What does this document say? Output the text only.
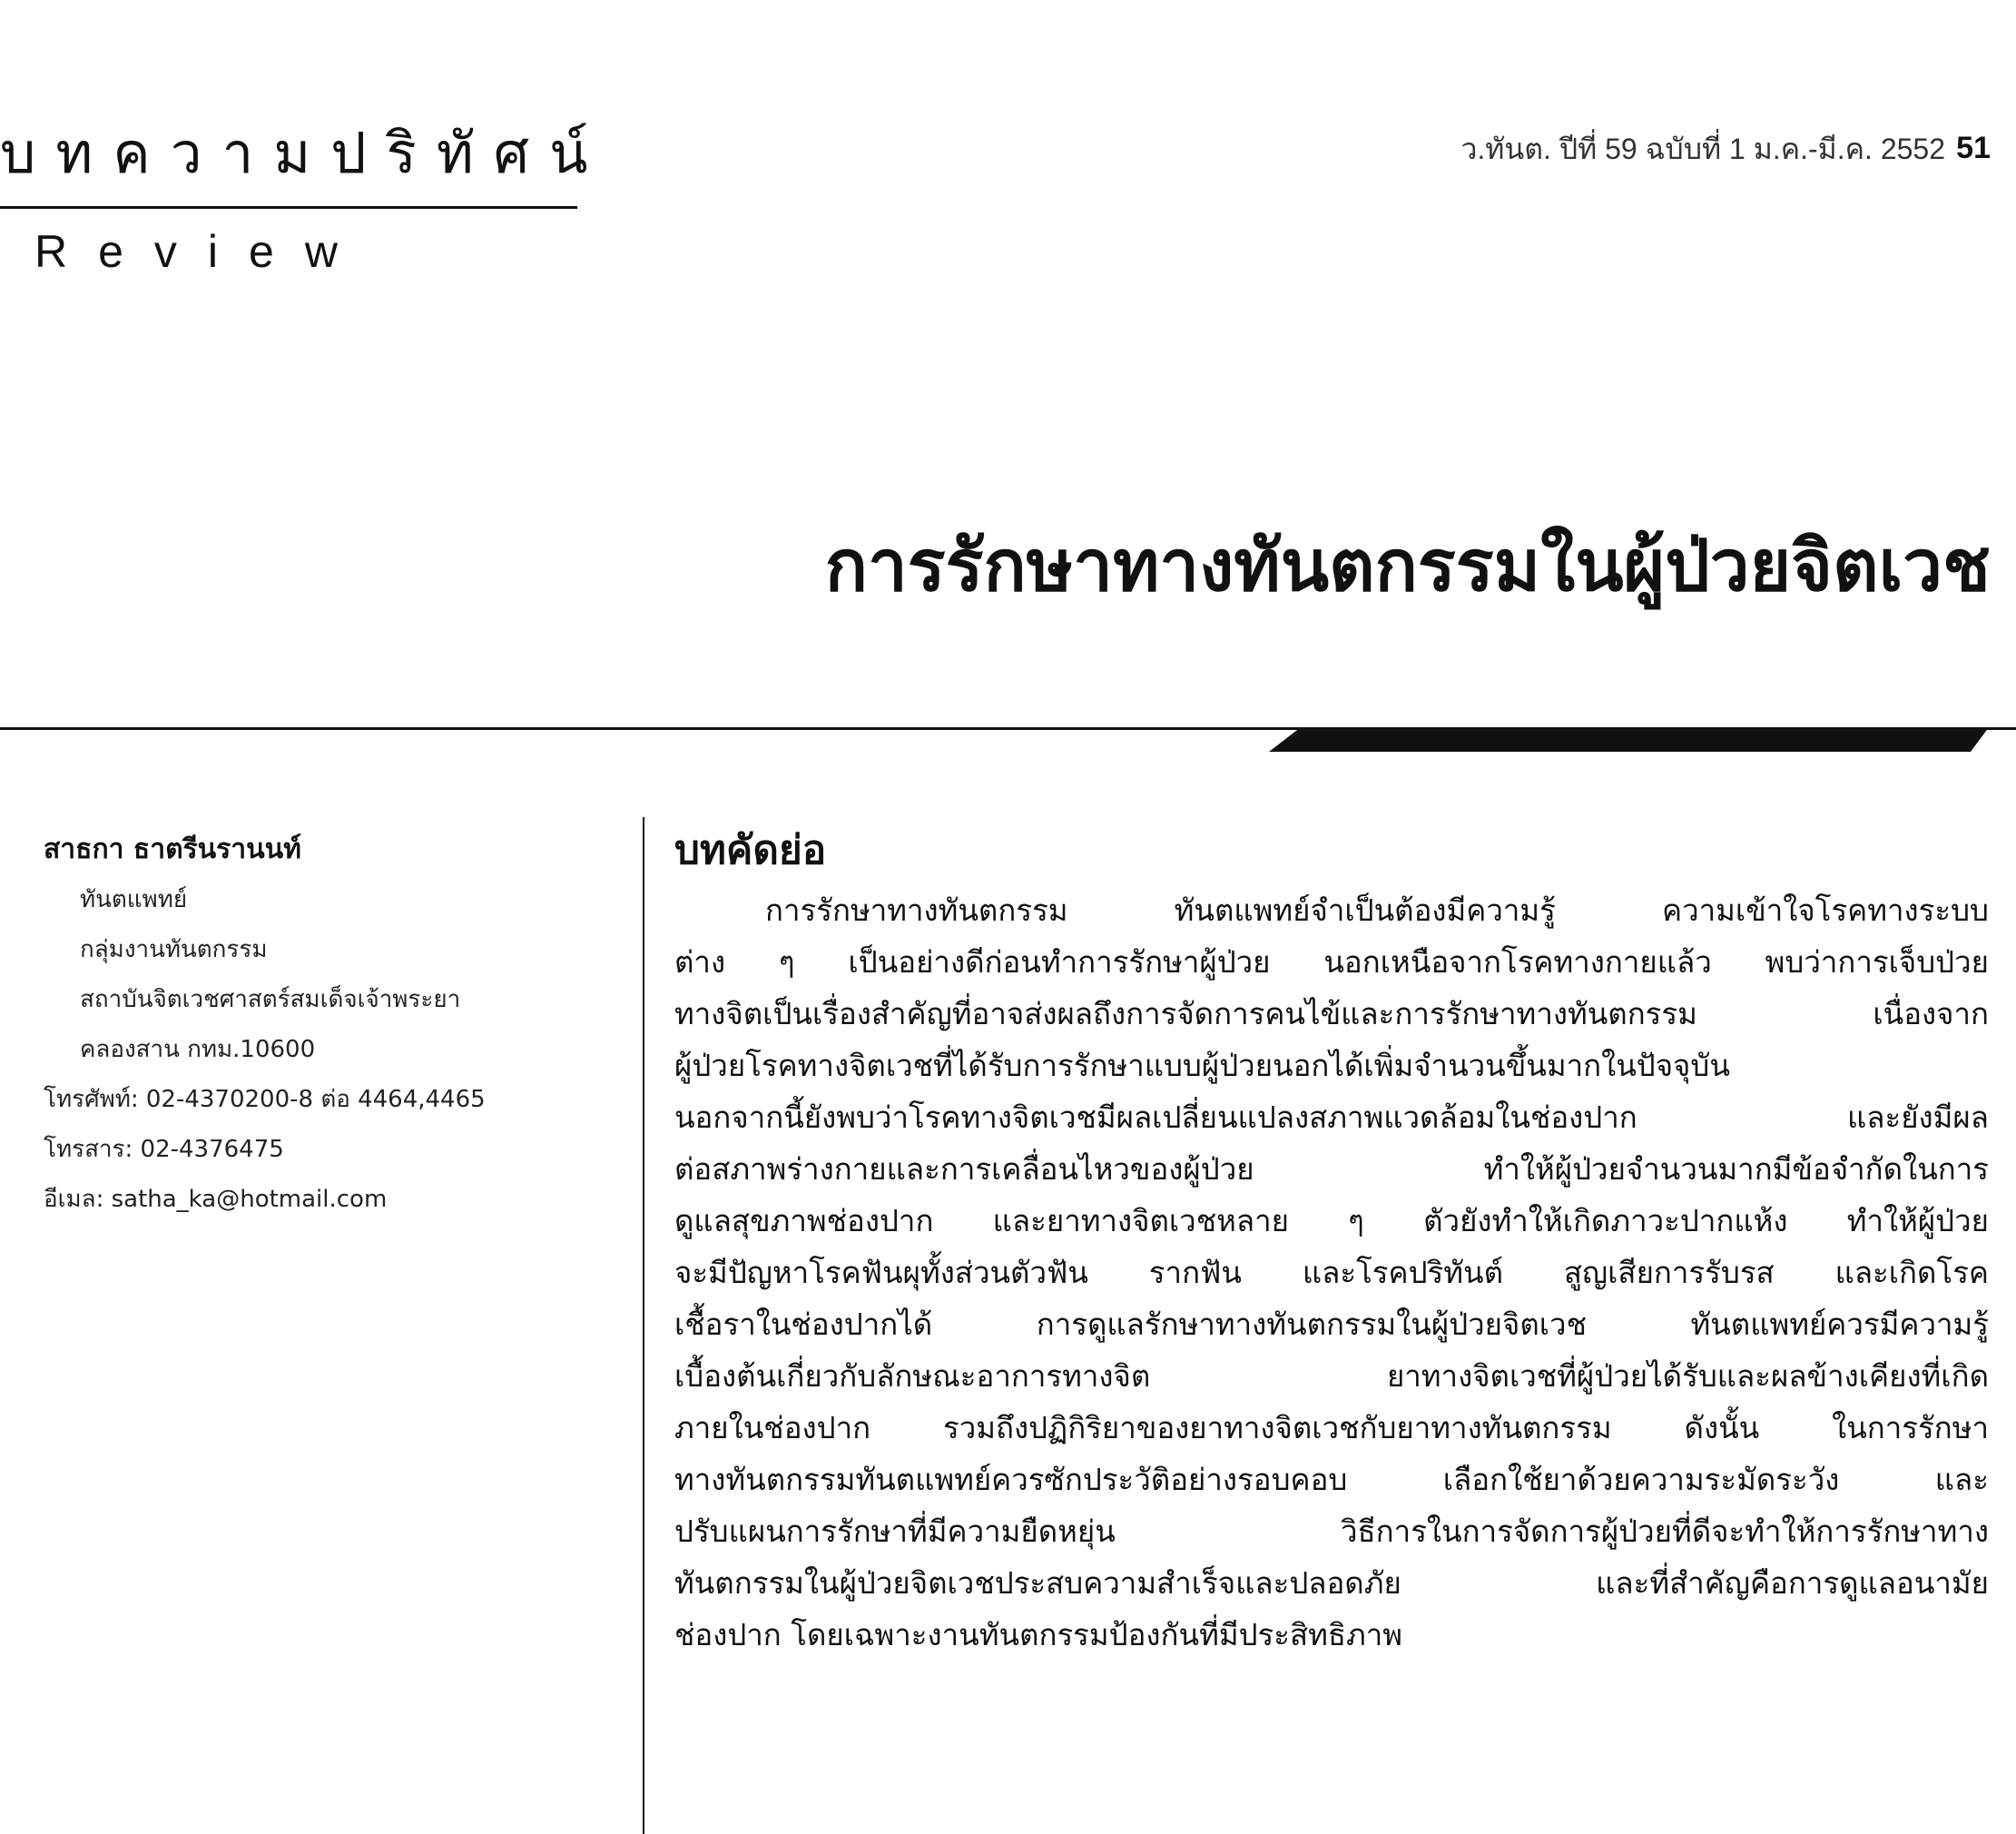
บทความปริทัศน์
Review
ว.ทันต. ปีที่ 59 ฉบับที่ 1 ม.ค.-มี.ค. 2552 51
การรักษาทางทันตกรรมในผู้ป่วยจิตเวช
สาธกา ธาตรีนรานนท์
ทันตแพทย์
กลุ่มงานทันตกรรม
สถาบันจิตเวชศาสตร์สมเด็จเจ้าพระยา
คลองสาน กทม.10600
โทรศัพท์: 02-4370200-8 ต่อ 4464,4465
โทรสาร: 02-4376475
อีเมล: satha_ka@hotmail.com
บทคัดย่อ
การรักษาทางทันตกรรม ทันตแพทย์จำเป็นต้องมีความรู้ ความเข้าใจโรคทางระบบ
ต่าง ๆ เป็นอย่างดีก่อนทำการรักษาผู้ป่วย นอกเหนือจากโรคทางกายแล้ว พบว่าการเจ็บป่วย
ทางจิตเป็นเรื่องสำคัญที่อาจส่งผลถึงการจัดการคนไข้และการรักษาทางทันตกรรม เนื่องจาก
ผู้ป่วยโรคทางจิตเวชที่ได้รับการรักษาแบบผู้ป่วยนอกได้เพิ่มจำนวนขึ้นมากในปัจจุบัน
นอกจากนี้ยังพบว่าโรคทางจิตเวชมีผลเปลี่ยนแปลงสภาพแวดล้อมในช่องปาก และยังมีผล
ต่อสภาพร่างกายและการเคลื่อนไหวของผู้ป่วย ทำให้ผู้ป่วยจำนวนมากมีข้อจำกัดในการ
ดูแลสุขภาพช่องปาก และยาทางจิตเวชหลาย ๆ ตัวยังทำให้เกิดภาวะปากแห้ง ทำให้ผู้ป่วย
จะมีปัญหาโรคฟันผุทั้งส่วนตัวฟัน รากฟัน และโรคปริทันต์ สูญเสียการรับรส และเกิดโรค
เชื้อราในช่องปากได้ การดูแลรักษาทางทันตกรรมในผู้ป่วยจิตเวช ทันตแพทย์ควรมีความรู้
เบื้องต้นเกี่ยวกับลักษณะอาการทางจิต ยาทางจิตเวชที่ผู้ป่วยได้รับและผลข้างเคียงที่เกิด
ภายในช่องปาก รวมถึงปฏิกิริยาของยาทางจิตเวชกับยาทางทันตกรรม ดังนั้น ในการรักษา
ทางทันตกรรมทันตแพทย์ควรซักประวัติอย่างรอบคอบ เลือกใช้ยาด้วยความระมัดระวัง และ
ปรับแผนการรักษาที่มีความยืดหยุ่น วิธีการในการจัดการผู้ป่วยที่ดีจะทำให้การรักษาทาง
ทันตกรรมในผู้ป่วยจิตเวชประสบความสำเร็จและปลอดภัย และที่สำคัญคือการดูแลอนามัย
ช่องปาก โดยเฉพาะงานทันตกรรมป้องกันที่มีประสิทธิภาพ
